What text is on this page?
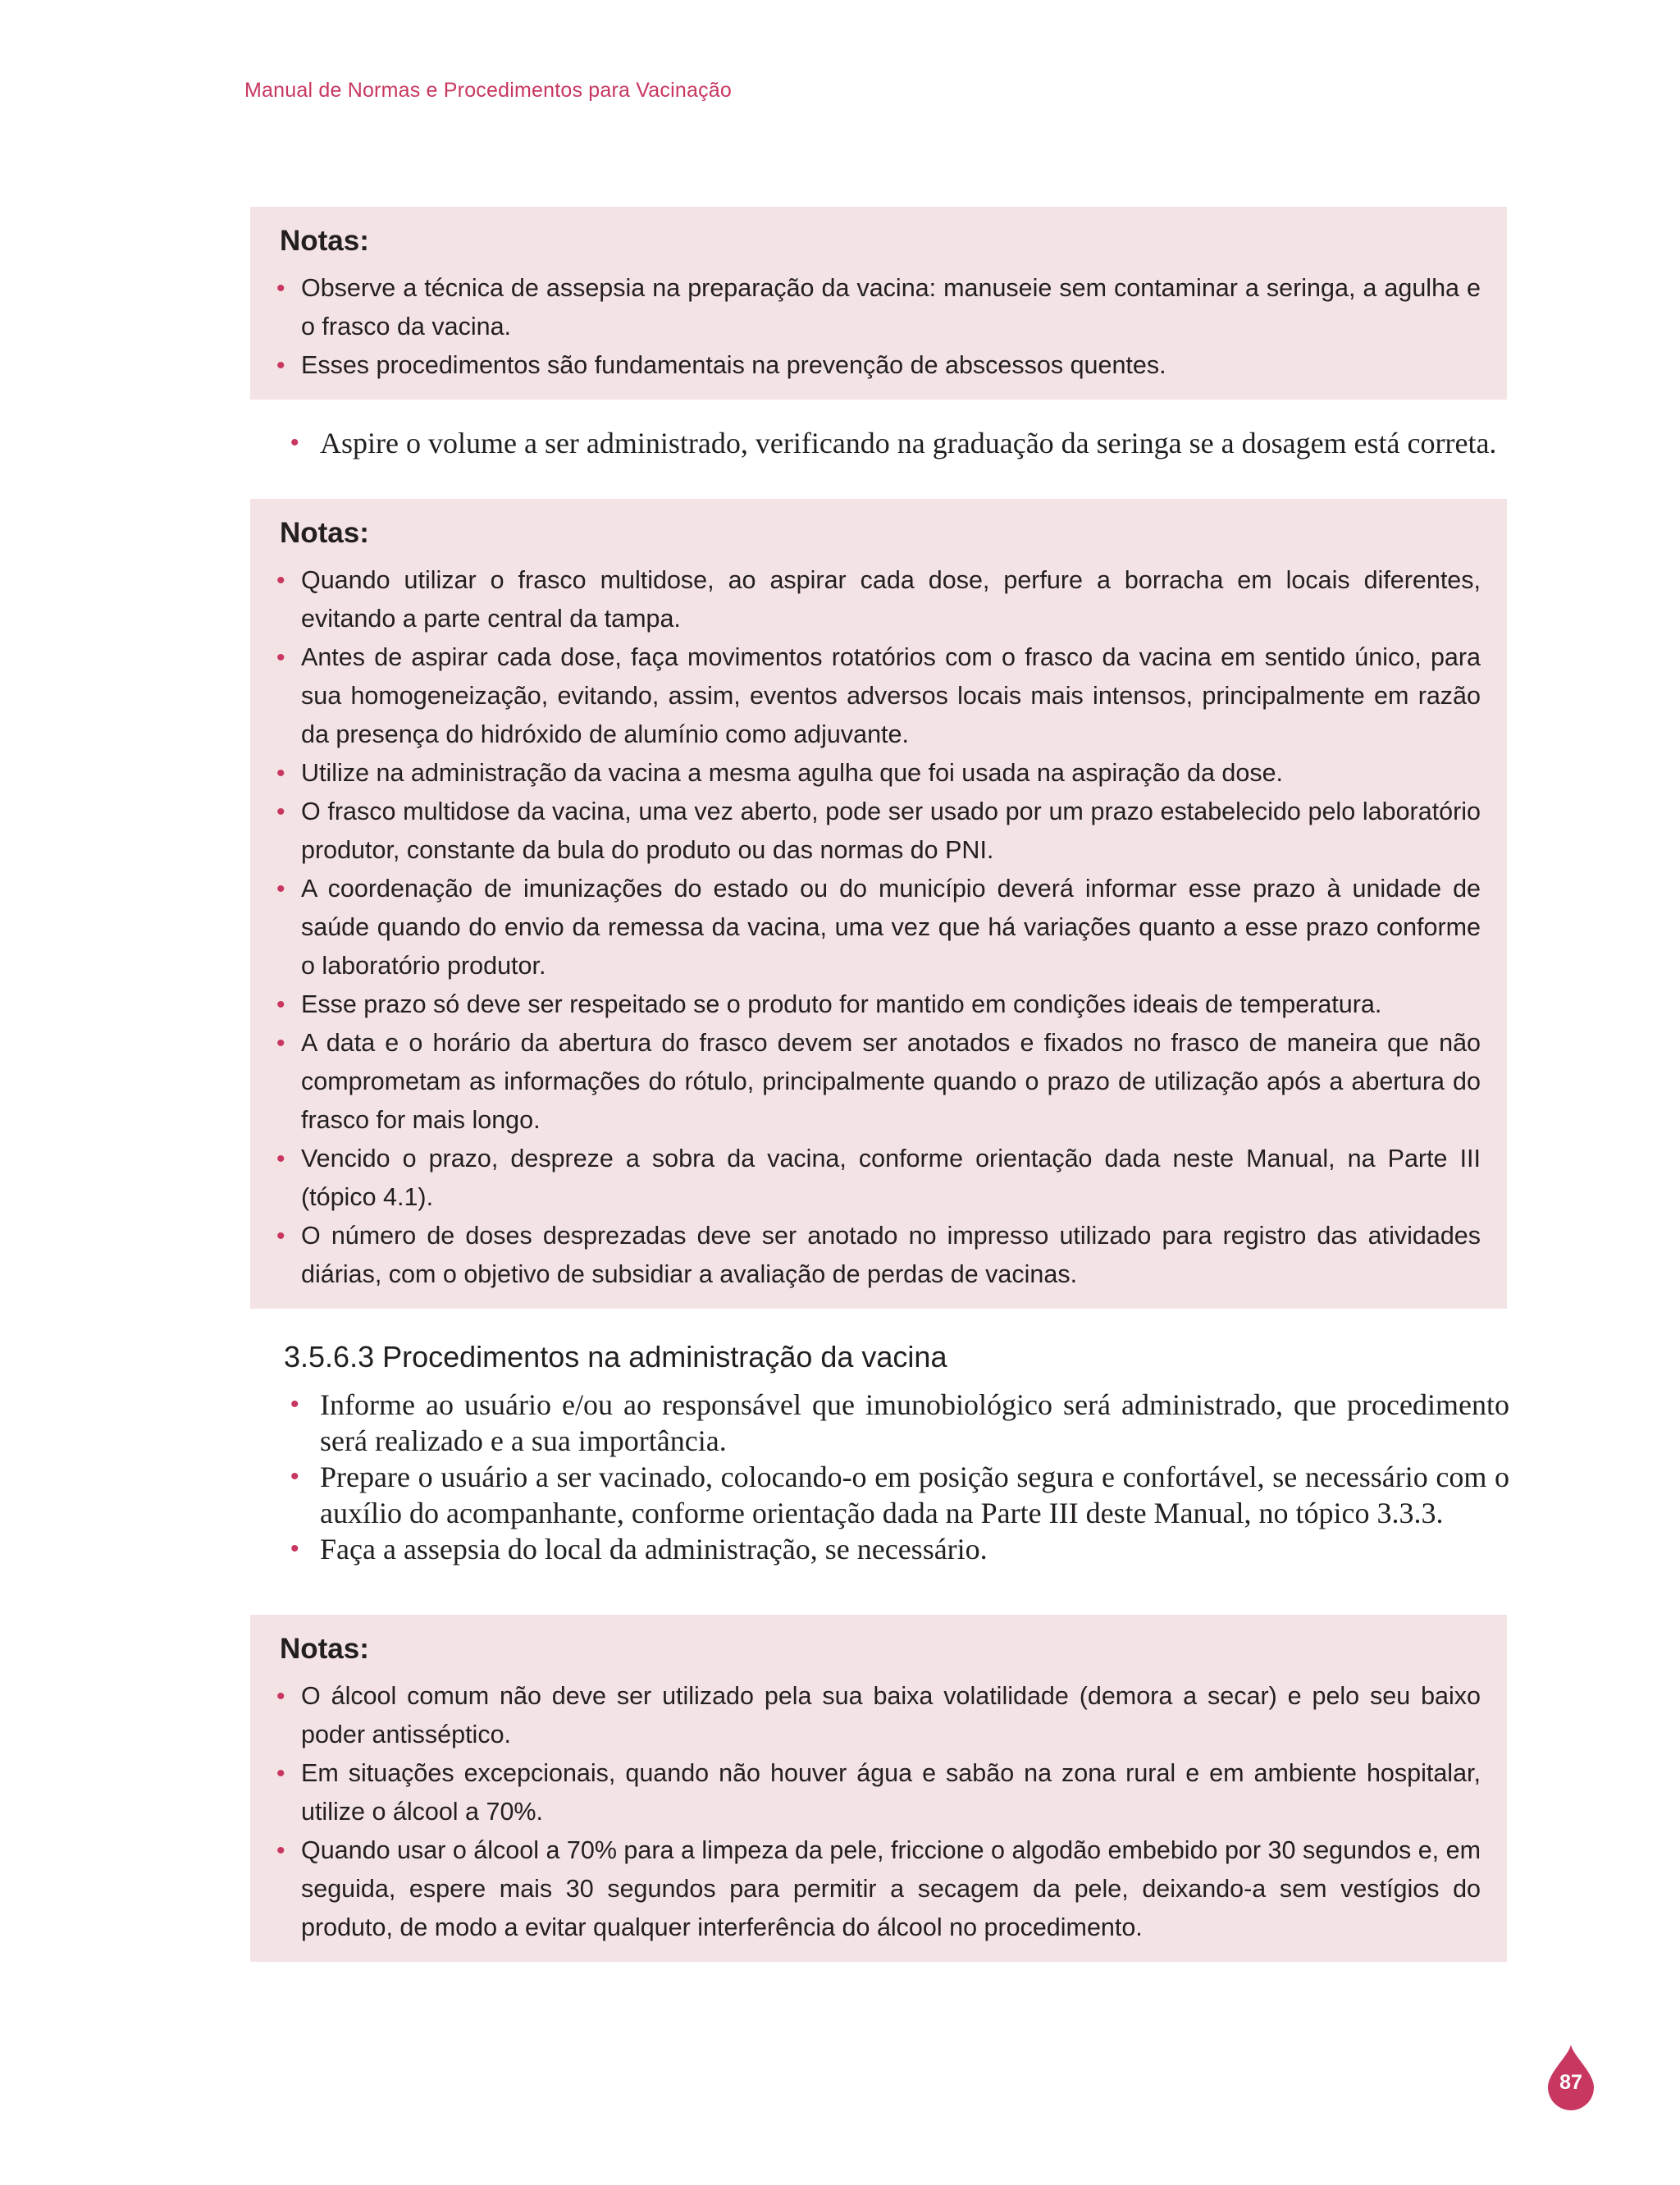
Manual de Normas e Procedimentos para Vacinação
Notas:
• Observe a técnica de assepsia na preparação da vacina: manuseie sem contaminar a seringa, a agulha e o frasco da vacina.
• Esses procedimentos são fundamentais na prevenção de abscessos quentes.
• Aspire o volume a ser administrado, verificando na graduação da seringa se a dosagem está correta.
Notas:
• Quando utilizar o frasco multidose, ao aspirar cada dose, perfure a borracha em locais diferentes, evitando a parte central da tampa.
• Antes de aspirar cada dose, faça movimentos rotatórios com o frasco da vacina em sentido único, para sua homogeneização, evitando, assim, eventos adversos locais mais intensos, principalmente em razão da presença do hidróxido de alumínio como adjuvante.
• Utilize na administração da vacina a mesma agulha que foi usada na aspiração da dose.
• O frasco multidose da vacina, uma vez aberto, pode ser usado por um prazo estabelecido pelo laboratório produtor, constante da bula do produto ou das normas do PNI.
• A coordenação de imunizações do estado ou do município deverá informar esse prazo à unidade de saúde quando do envio da remessa da vacina, uma vez que há variações quanto a esse prazo conforme o laboratório produtor.
• Esse prazo só deve ser respeitado se o produto for mantido em condições ideais de temperatura.
• A data e o horário da abertura do frasco devem ser anotados e fixados no frasco de maneira que não comprometam as informações do rótulo, principalmente quando o prazo de utilização após a abertura do frasco for mais longo.
• Vencido o prazo, despreze a sobra da vacina, conforme orientação dada neste Manual, na Parte III (tópico 4.1).
• O número de doses desprezadas deve ser anotado no impresso utilizado para registro das atividades diárias, com o objetivo de subsidiar a avaliação de perdas de vacinas.
3.5.6.3 Procedimentos na administração da vacina
• Informe ao usuário e/ou ao responsável que imunobiológico será administrado, que procedimento será realizado e a sua importância.
• Prepare o usuário a ser vacinado, colocando-o em posição segura e confortável, se necessário com o auxílio do acompanhante, conforme orientação dada na Parte III deste Manual, no tópico 3.3.3.
• Faça a assepsia do local da administração, se necessário.
Notas:
• O álcool comum não deve ser utilizado pela sua baixa volatilidade (demora a secar) e pelo seu baixo poder antisséptico.
• Em situações excepcionais, quando não houver água e sabão na zona rural e em ambiente hospitalar, utilize o álcool a 70%.
• Quando usar o álcool a 70% para a limpeza da pele, friccione o algodão embebido por 30 segundos e, em seguida, espere mais 30 segundos para permitir a secagem da pele, deixando-a sem vestígios do produto, de modo a evitar qualquer interferência do álcool no procedimento.
87
